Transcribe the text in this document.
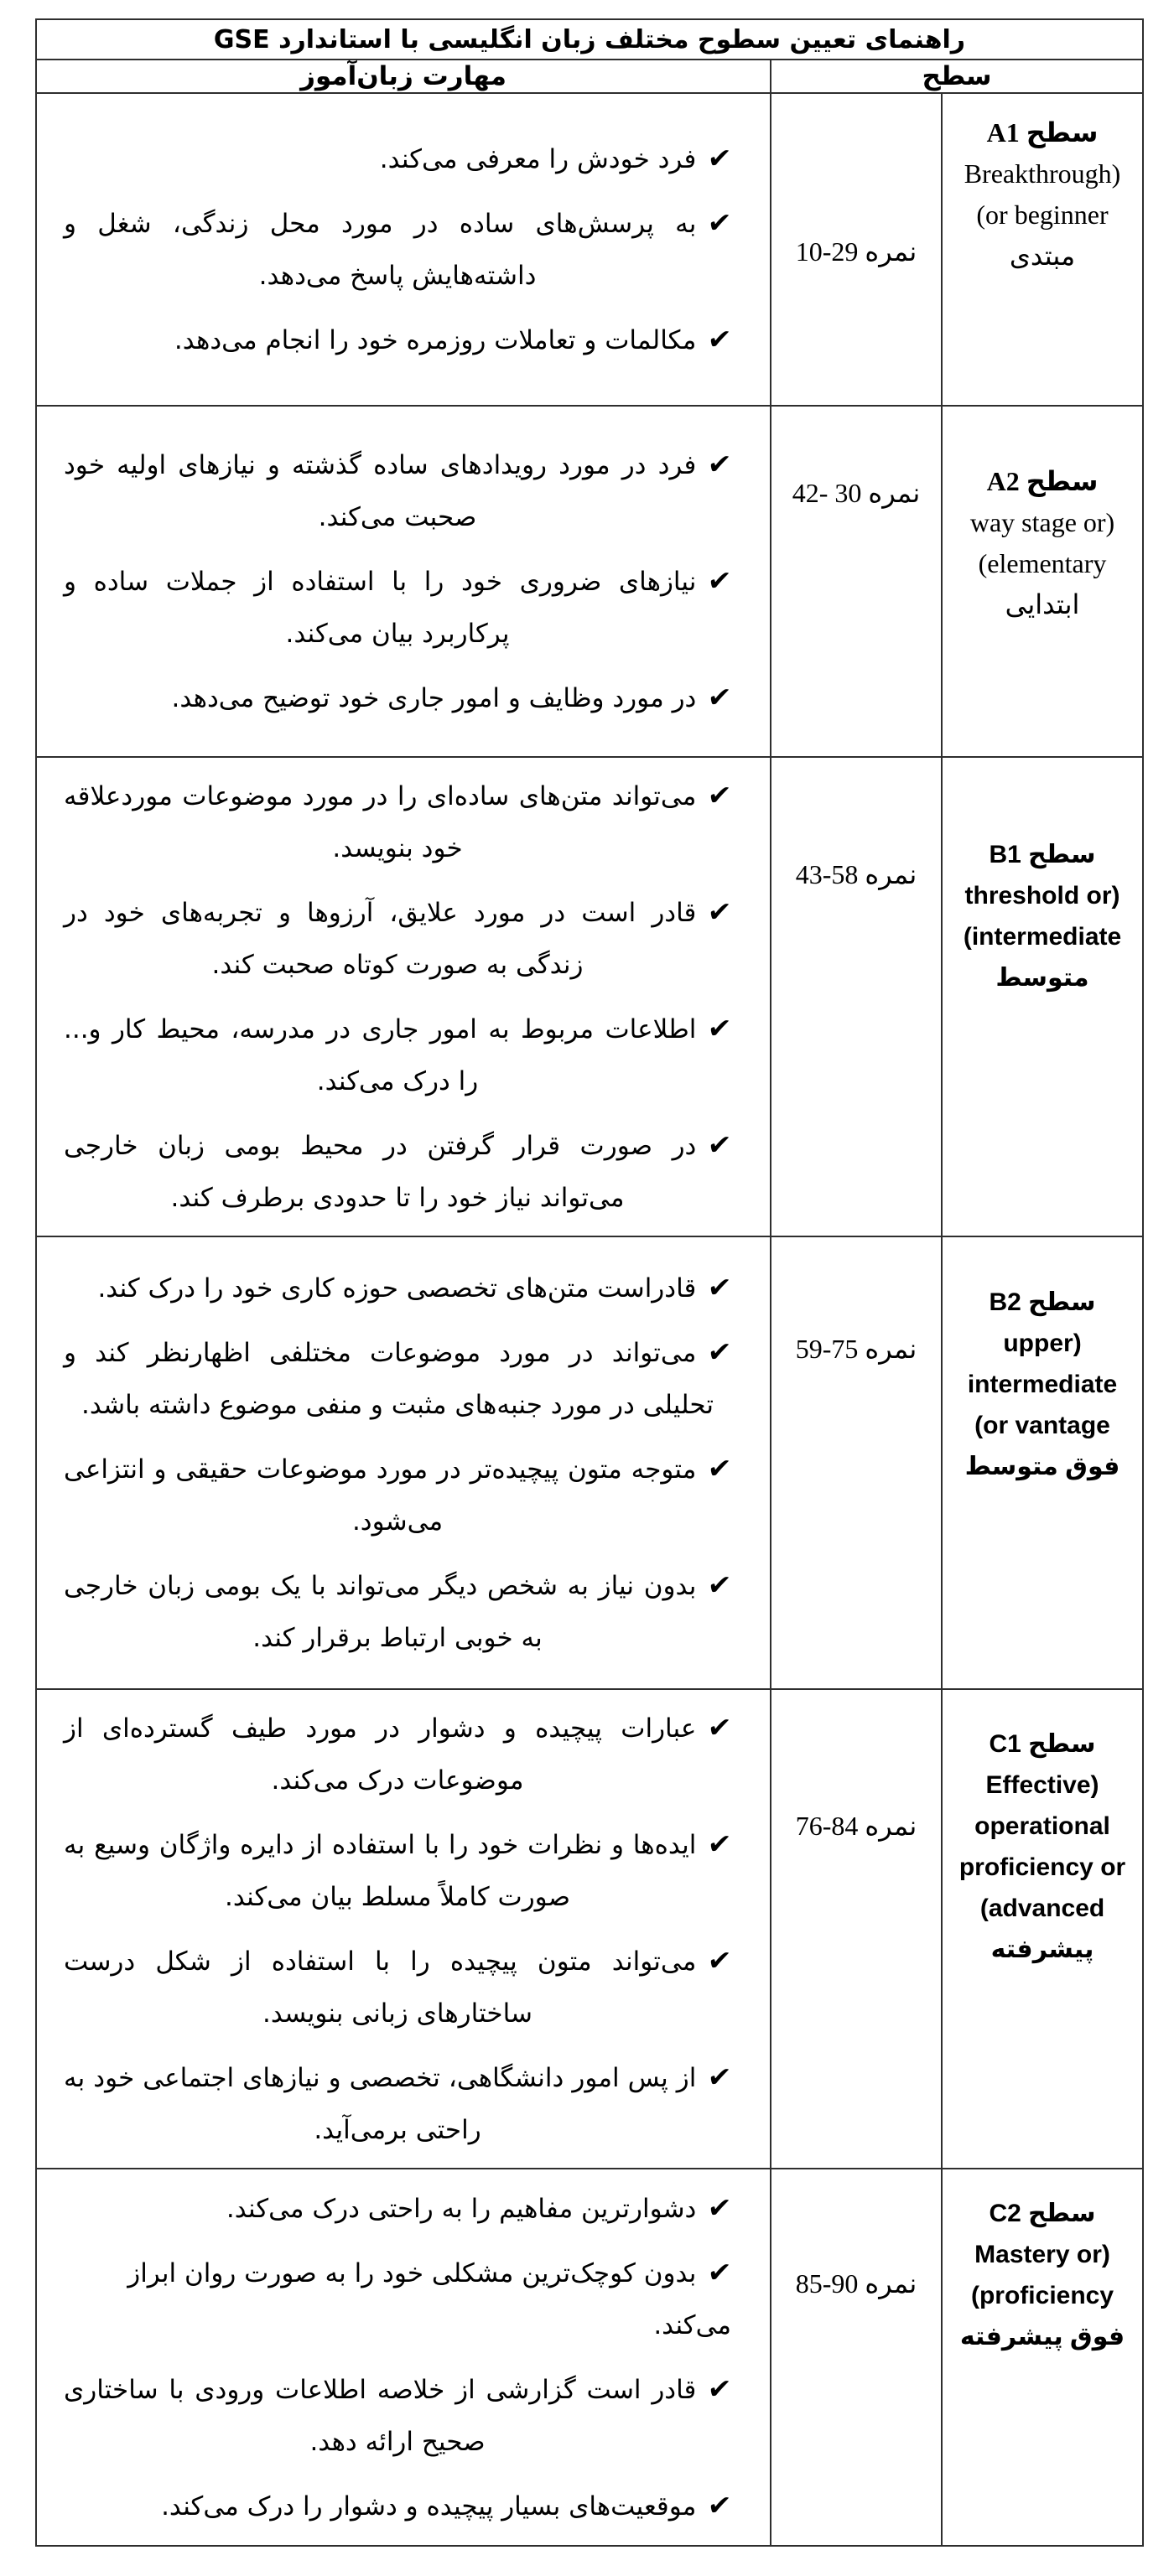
راهنمای تعیین سطوح مختلف زبان انگلیسی با استاندارد GSE		
سطح		مهارت زبان‌آموز

سطح A1
(Breakthrough
or beginner)
مبتدی
	نمره 29-10	
✔فرد خودش را معرفی می‌کند.
✔به پرسش‌های ساده در مورد محل زندگی، شغل و داشته‌هایش پاسخ می‌دهد.
✔مکالمات و تعاملات روزمره خود را انجام می‌دهد.

سطح A2
(way stage or
elementary)
ابتدایی
	نمره 30 -42	
✔فرد در مورد رویدادهای ساده گذشته و نیازهای اولیه خود صحبت می‌کند.
✔نیازهای ضروری خود را با استفاده از جملات ساده و پرکاربرد بیان می‌کند.
✔در مورد وظایف و امور جاری خود توضیح می‌دهد.

سطح B1
(threshold or
intermediate)
متوسط
	نمره 58-43	
✔می‌تواند متن‌های ساده‌ای را در مورد موضوعات موردعلاقه خود بنویسد.
✔قادر است در مورد علایق، آرزوها و تجربه‌های خود در زندگی به صورت کوتاه صحبت کند.
✔اطلاعات مربوط به امور جاری در مدرسه، محیط کار و... را درک می‌کند.
✔در صورت قرار گرفتن در محیط بومی زبان خارجی می‌تواند نیاز خود را تا حدودی برطرف کند.

سطح B2
(upper
intermediate
or vantage)
فوق متوسط
	نمره 75-59	
✔قادراست متن‌های تخصصی حوزه کاری خود را درک کند.
✔می‌تواند در مورد موضوعات مختلفی اظهارنظر کند و تحلیلی در مورد جنبه‌های مثبت و منفی موضوع داشته باشد.
✔متوجه متون پیچیده‌تر در مورد موضوعات حقیقی و انتزاعی می‌شود.
✔بدون نیاز به شخص دیگر می‌تواند با یک بومی زبان خارجی به خوبی ارتباط برقرار کند.

سطح C1
(Effective
operational
proficiency or
advanced)
پیشرفته
	نمره 84-76	
✔عبارات پیچیده و دشوار در مورد طیف گسترده‌ای از موضوعات درک می‌کند.
✔ایده‌ها و نظرات خود را با استفاده از دایره واژگان وسیع به صورت کاملاً مسلط بیان می‌کند.
✔می‌تواند متون پیچیده را با استفاده از شکل درست ساختارهای زبانی بنویسد.
✔از پس امور دانشگاهی، تخصصی و نیازهای اجتماعی خود به راحتی برمی‌آید.

سطح C2
(Mastery or
proficiency)
فوق پیشرفته
	نمره 90-85	
✔دشوارترین مفاهیم را به راحتی درک می‌کند.
✔بدون کوچک‌ترین مشکلی خود را به صورت روان ابراز می‌کند.
✔قادر است گزارشی از خلاصه اطلاعات ورودی با ساختاری صحیح ارائه دهد.
✔موقعیت‌های بسیار پیچیده و دشوار را درک می‌کند.
